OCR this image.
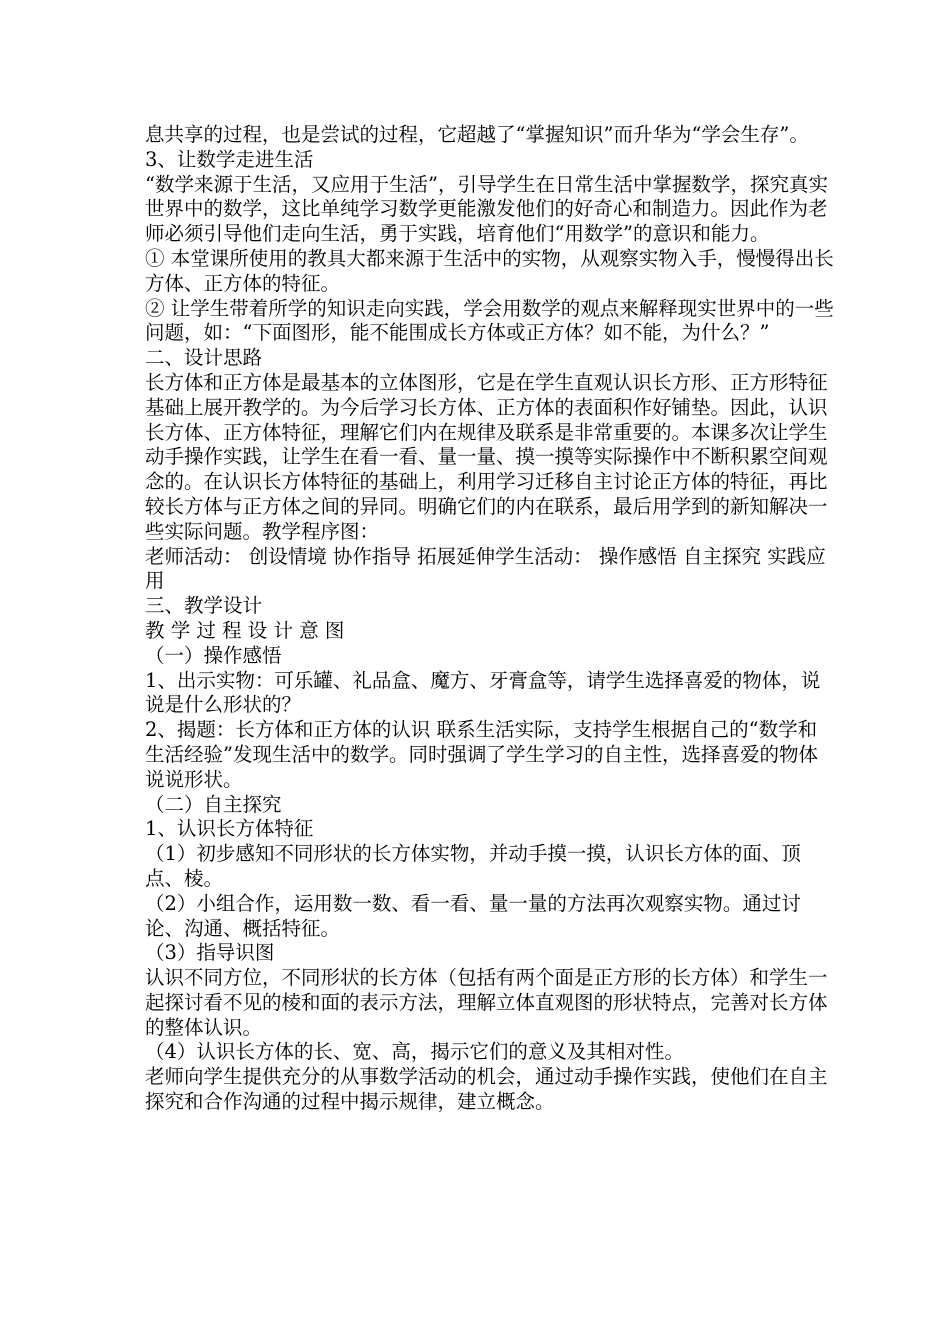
息共享的过程，也是尝试的过程，它超越了“掌握知识”而升华为“学会生存”。

3、让数学走进生活

“数学来源于生活，又应用于生活”，引导学生在日常生活中掌握数学，探究真实世界中的数学，这比单纯学习数学更能激发他们的好奇心和制造力。因此作为老师必须引导他们走向生活，勇于实践，培育他们“用数学”的意识和能力。

① 本堂课所使用的教具大都来源于生活中的实物，从观察实物入手，慢慢得出长方体、正方体的特征。

② 让学生带着所学的知识走向实践，学会用数学的观点来解释现实世界中的一些问题，如：“下面图形，能不能围成长方体或正方体？如不能，为什么？”

二、设计思路

长方体和正方体是最基本的立体图形，它是在学生直观认识长方形、正方形特征基础上展开教学的。为今后学习长方体、正方体的表面积作好铺垫。因此，认识长方体、正方体特征，理解它们内在规律及联系是非常重要的。本课多次让学生动手操作实践，让学生在看一看、量一量、摸一摸等实际操作中不断积累空间观念的。在认识长方体特征的基础上，利用学习迁移自主讨论正方体的特征，再比较长方体与正方体之间的异同。明确它们的内在联系，最后用学到的新知解决一些实际问题。教学程序图：

老师活动： 创设情境 协作指导 拓展延伸学生活动： 操作感悟 自主探究 实践应用

三、教学设计

教 学 过 程 设 计 意 图

（一）操作感悟

1、出示实物：可乐罐、礼品盒、魔方、牙膏盒等，请学生选择喜爱的物体，说说是什么形状的？

2、揭题：长方体和正方体的认识 联系生活实际，支持学生根据自己的“数学和生活经验”发现生活中的数学。同时强调了学生学习的自主性，选择喜爱的物体说说形状。

（二）自主探究

1、认识长方体特征

（1）初步感知不同形状的长方体实物，并动手摸一摸，认识长方体的面、顶点、棱。

（2）小组合作，运用数一数、看一看、量一量的方法再次观察实物。通过讨论、沟通、概括特征。

（3）指导识图

认识不同方位，不同形状的长方体（包括有两个面是正方形的长方体）和学生一起探讨看不见的棱和面的表示方法，理解立体直观图的形状特点，完善对长方体的整体认识。

（4）认识长方体的长、宽、高，揭示它们的意义及其相对性。

老师向学生提供充分的从事数学活动的机会，通过动手操作实践，使他们在自主探究和合作沟通的过程中揭示规律，建立概念。
